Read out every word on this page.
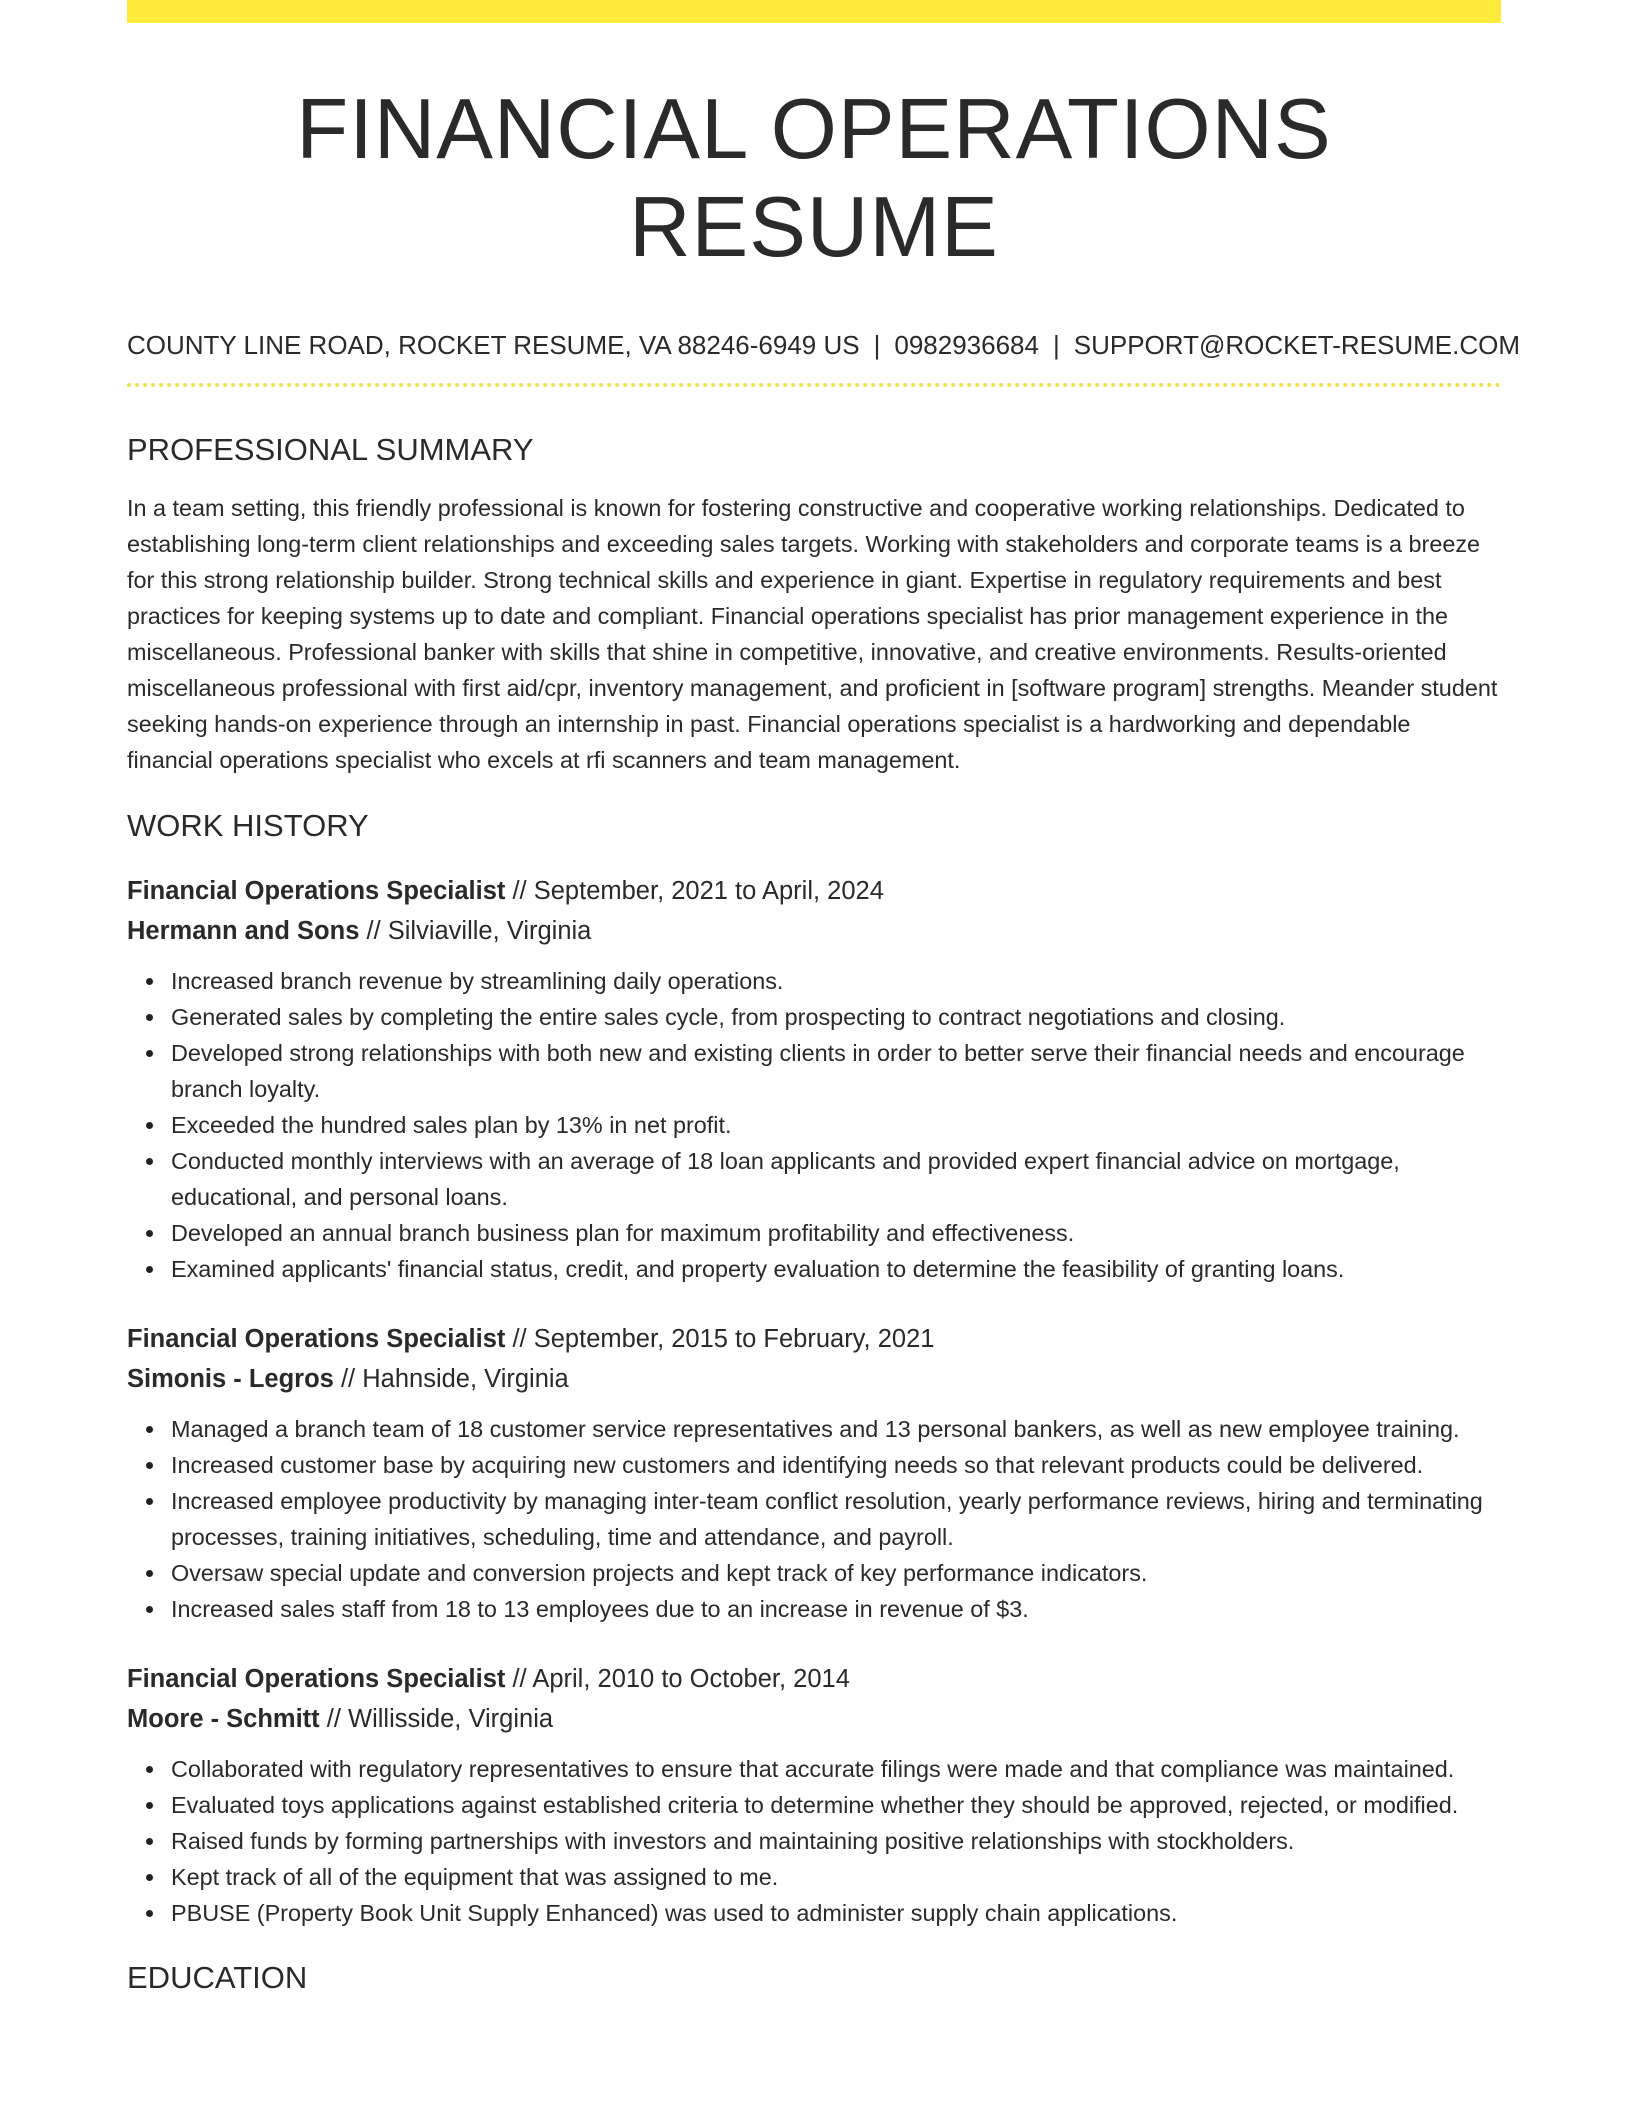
FINANCIAL OPERATIONS RESUME
COUNTY LINE ROAD, ROCKET RESUME, VA 88246-6949 US | 0982936684 | SUPPORT@ROCKET-RESUME.COM
PROFESSIONAL SUMMARY
In a team setting, this friendly professional is known for fostering constructive and cooperative working relationships. Dedicated to establishing long-term client relationships and exceeding sales targets. Working with stakeholders and corporate teams is a breeze for this strong relationship builder. Strong technical skills and experience in giant. Expertise in regulatory requirements and best practices for keeping systems up to date and compliant. Financial operations specialist has prior management experience in the miscellaneous. Professional banker with skills that shine in competitive, innovative, and creative environments. Results-oriented miscellaneous professional with first aid/cpr, inventory management, and proficient in [software program] strengths. Meander student seeking hands-on experience through an internship in past. Financial operations specialist is a hardworking and dependable financial operations specialist who excels at rfi scanners and team management.
WORK HISTORY
Financial Operations Specialist // September, 2021 to April, 2024
Hermann and Sons // Silviaville, Virginia
Increased branch revenue by streamlining daily operations.
Generated sales by completing the entire sales cycle, from prospecting to contract negotiations and closing.
Developed strong relationships with both new and existing clients in order to better serve their financial needs and encourage branch loyalty.
Exceeded the hundred sales plan by 13% in net profit.
Conducted monthly interviews with an average of 18 loan applicants and provided expert financial advice on mortgage, educational, and personal loans.
Developed an annual branch business plan for maximum profitability and effectiveness.
Examined applicants' financial status, credit, and property evaluation to determine the feasibility of granting loans.
Financial Operations Specialist // September, 2015 to February, 2021
Simonis - Legros // Hahnside, Virginia
Managed a branch team of 18 customer service representatives and 13 personal bankers, as well as new employee training.
Increased customer base by acquiring new customers and identifying needs so that relevant products could be delivered.
Increased employee productivity by managing inter-team conflict resolution, yearly performance reviews, hiring and terminating processes, training initiatives, scheduling, time and attendance, and payroll.
Oversaw special update and conversion projects and kept track of key performance indicators.
Increased sales staff from 18 to 13 employees due to an increase in revenue of $3.
Financial Operations Specialist // April, 2010 to October, 2014
Moore - Schmitt // Willisside, Virginia
Collaborated with regulatory representatives to ensure that accurate filings were made and that compliance was maintained.
Evaluated toys applications against established criteria to determine whether they should be approved, rejected, or modified.
Raised funds by forming partnerships with investors and maintaining positive relationships with stockholders.
Kept track of all of the equipment that was assigned to me.
PBUSE (Property Book Unit Supply Enhanced) was used to administer supply chain applications.
EDUCATION
